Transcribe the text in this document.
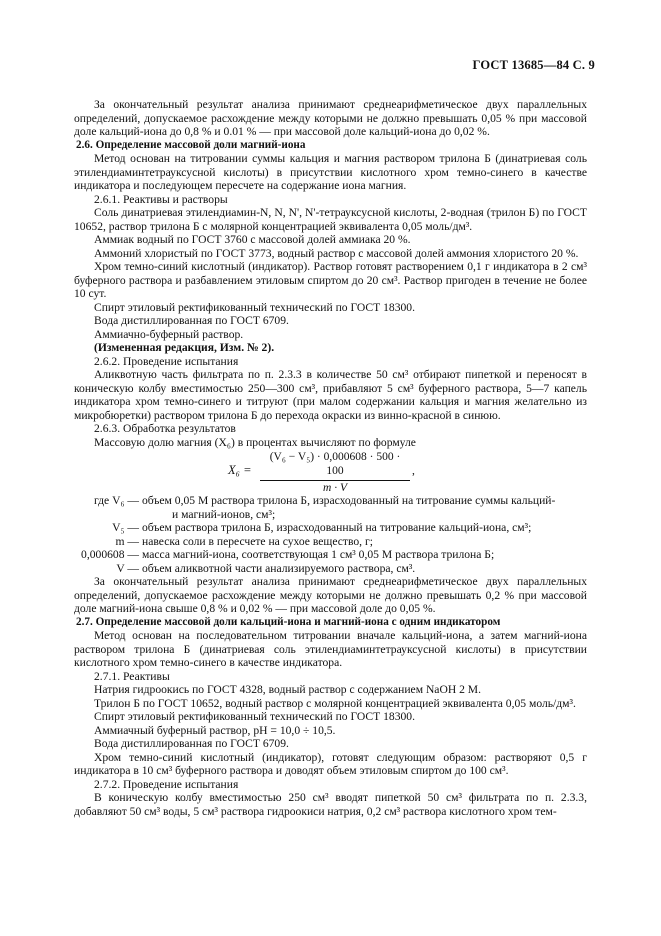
ГОСТ 13685—84 С. 9

За окончательный результат анализа принимают среднеарифметическое двух параллельных определений, допускаемое расхождение между которыми не должно превышать 0,05 % при массовой доле кальций-иона до 0,8 % и 0.01 % — при массовой доле кальций-иона до 0,02 %.

2.6. Определение массовой доли магний-иона

Метод основан на титровании суммы кальция и магния раствором трилона Б (динатриевая соль этилендиаминтетрауксусной кислоты) в присутствии кислотного хром темно-синего в качестве индикатора и последующем пересчете на содержание иона магния.

2.6.1. Реактивы и растворы

Соль динатриевая этилендиамин-N, N, N', N'-тетрауксусной кислоты, 2-водная (трилон Б) по ГОСТ 10652, раствор трилона Б с молярной концентрацией эквивалента 0,05 моль/дм³.

Аммиак водный по ГОСТ 3760 с массовой долей аммиака 20 %.

Аммоний хлористый по ГОСТ 3773, водный раствор с массовой долей аммония хлористого 20 %.

Хром темно-синий кислотный (индикатор). Раствор готовят растворением 0,1 г индикатора в 2 см³ буферного раствора и разбавлением этиловым спиртом до 20 см³. Раствор пригоден в течение не более 10 сут.

Спирт этиловый ректификованный технический по ГОСТ 18300.

Вода дистиллированная по ГОСТ 6709.

Аммиачно-буферный раствор.

(Измененная редакция, Изм. № 2).

2.6.2. Проведение испытания

Аликвотную часть фильтрата по п. 2.3.3 в количестве 50 см³ отбирают пипеткой и переносят в коническую колбу вместимостью 250—300 см³, прибавляют 5 см³ буферного раствора, 5—7 капель индикатора хром темно-синего и титруют (при малом содержании кальция и магния желательно из микробюретки) раствором трилона Б до перехода окраски из винно-красной в синюю.

2.6.3. Обработка результатов

Массовую долю магния (X₆) в процентах вычисляют по формуле

$X_6 = \frac{\text{(V₆ − V₅) · 0,000608 · 500 · 100}}{m \cdot V}$ ,
где V₆ — объем 0,05 М раствора трилона Б, израсходованный на титрование суммы кальций-
и магний-ионов, см³;
V₅ — объем раствора трилона Б, израсходованный на титрование кальций-иона, см³;
m — навеска соли в пересчете на сухое вещество, г;
0,000608 — масса магний-иона, соответствующая 1 см³ 0,05 М раствора трилона Б;
V — объем аликвотной части анализируемого раствора, см³.

За окончательный результат анализа принимают среднеарифметическое двух параллельных определений, допускаемое расхождение между которыми не должно превышать 0,2 % при массовой доле магний-иона свыше 0,8 % и 0,02 % — при массовой доле до 0,05 %.

2.7. Определение массовой доли кальций-иона и магний-иона с одним индикатором

Метод основан на последовательном титровании вначале кальций-иона, а затем магний-иона раствором трилона Б (динатриевая соль этилендиаминтетрауксусной кислоты) в присутствии кислотного хром темно-синего в качестве индикатора.

2.7.1. Реактивы

Натрия гидроокись по ГОСТ 4328, водный раствор с содержанием NaOH 2 М.

Трилон Б по ГОСТ 10652, водный раствор с молярной концентрацией эквивалента 0,05 моль/дм³.

Спирт этиловый ректификованный технический по ГОСТ 18300.

Аммиачный буферный раствор, pH = 10,0 ÷ 10,5.

Вода дистиллированная по ГОСТ 6709.

Хром темно-синий кислотный (индикатор), готовят следующим образом: растворяют 0,5 г индикатора в 10 см³ буферного раствора и доводят объем этиловым спиртом до 100 см³.

2.7.2. Проведение испытания

В коническую колбу вместимостью 250 см³ вводят пипеткой 50 см³ фильтрата по п. 2.3.3, добавляют 50 см³ воды, 5 см³ раствора гидроокиси натрия, 0,2 см³ раствора кислотного хром тем-
